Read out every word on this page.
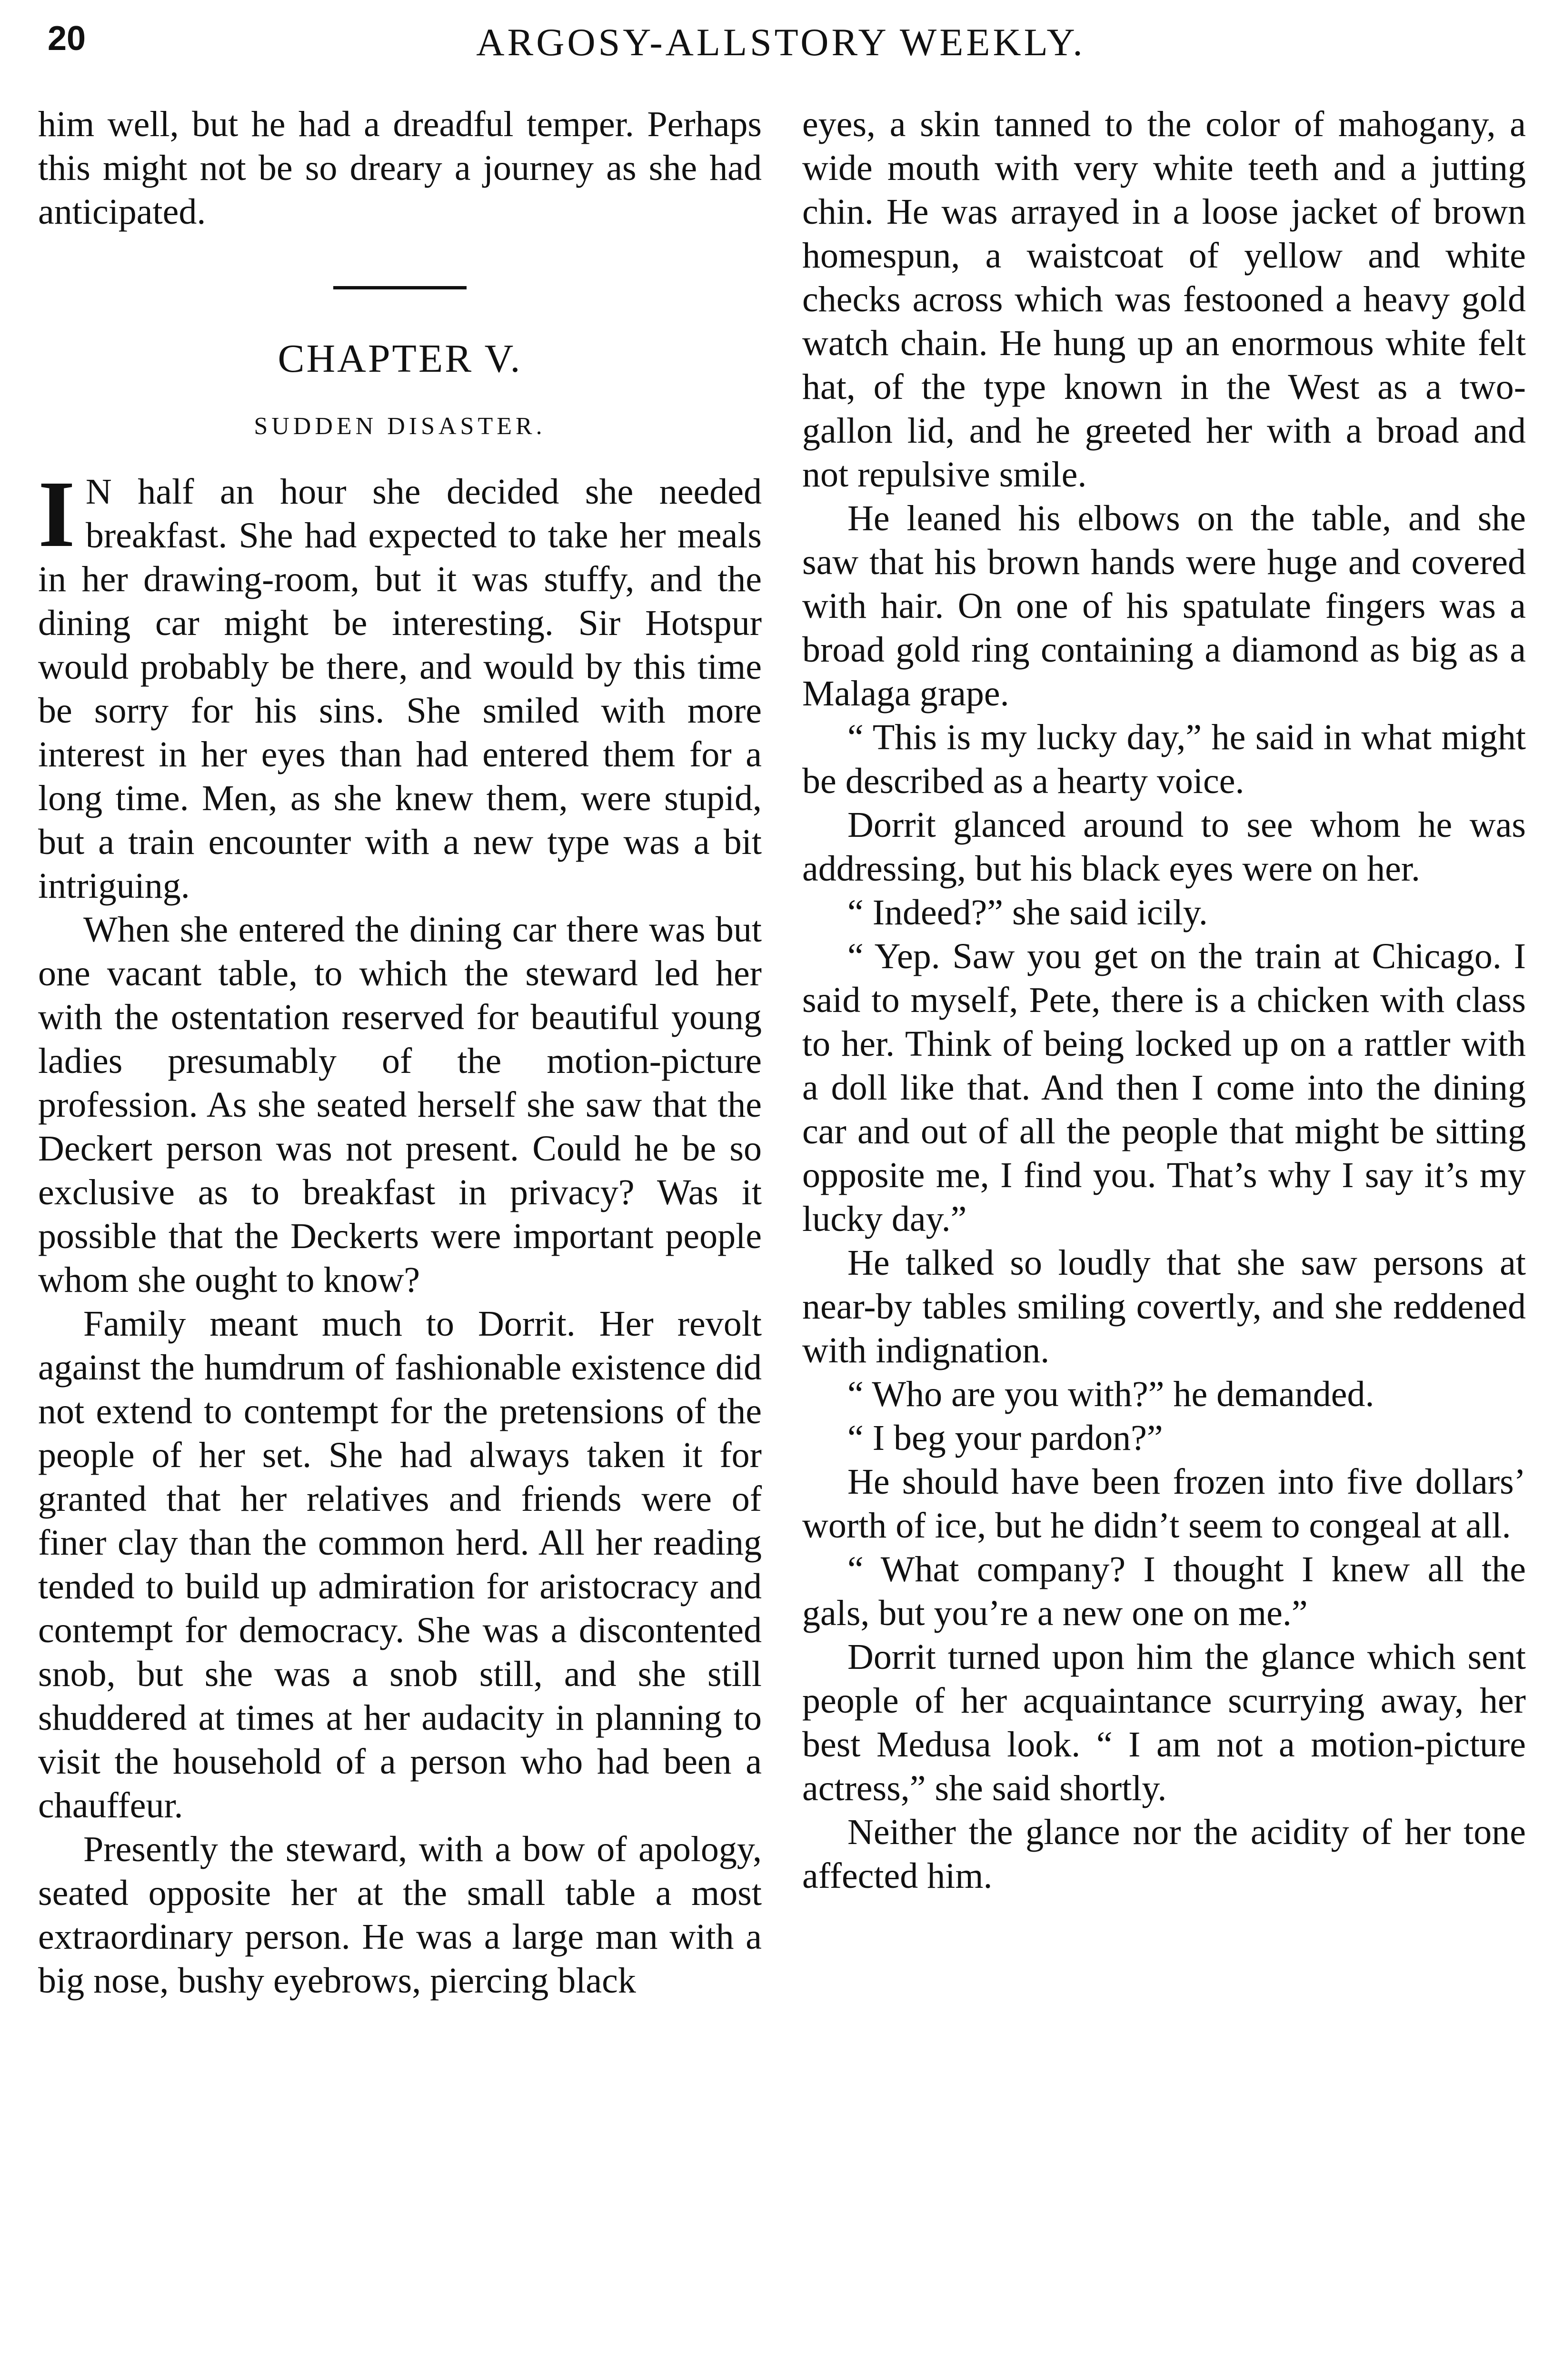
20	ARGOSY-ALLSTORY WEEKLY.

him well, but he had a dreadful temper. Perhaps this might not be so dreary a journey as she had anticipated.

CHAPTER V.
SUDDEN DISASTER.

I N half an hour she decided she needed breakfast. She had expected to take her meals in her drawing-room, but it was stuffy, and the dining car might be interesting. Sir Hotspur would probably be there, and would by this time be sorry for his sins. She smiled with more interest in her eyes than had entered them for a long time. Men, as she knew them, were stupid, but a train encounter with a new type was a bit intriguing.

When she entered the dining car there was but one vacant table, to which the steward led her with the ostentation reserved for beautiful young ladies presumably of the motion-picture profession. As she seated herself she saw that the Deckert person was not present. Could he be so exclusive as to breakfast in privacy? Was it possible that the Deckerts were important people whom she ought to know?

Family meant much to Dorrit. Her revolt against the humdrum of fashionable existence did not extend to contempt for the pretensions of the people of her set. She had always taken it for granted that her relatives and friends were of finer clay than the common herd. All her reading tended to build up admiration for aristocracy and contempt for democracy. She was a discontented snob, but she was a snob still, and she still shuddered at times at her audacity in planning to visit the household of a person who had been a chauffeur.

Presently the steward, with a bow of apology, seated opposite her at the small table a most extraordinary person. He was a large man with a big nose, bushy eyebrows, piercing black

eyes, a skin tanned to the color of mahogany, a wide mouth with very white teeth and a jutting chin. He was arrayed in a loose jacket of brown homespun, a waistcoat of yellow and white checks across which was festooned a heavy gold watch chain. He hung up an enormous white felt hat, of the type known in the West as a two-gallon lid, and he greeted her with a broad and not repulsive smile.

He leaned his elbows on the table, and she saw that his brown hands were huge and covered with hair. On one of his spatulate fingers was a broad gold ring containing a diamond as big as a Malaga grape.

“ This is my lucky day,” he said in what might be described as a hearty voice.

Dorrit glanced around to see whom he was addressing, but his black eyes were on her.

“ Indeed?” she said icily.

“ Yep. Saw you get on the train at Chicago. I said to myself, Pete, there is a chicken with class to her. Think of being locked up on a rattler with a doll like that. And then I come into the dining car and out of all the people that might be sitting opposite me, I find you. That’s why I say it’s my lucky day.”

He talked so loudly that she saw persons at near-by tables smiling covertly, and she reddened with indignation.

“ Who are you with?” he demanded.

“ I beg your pardon?”

He should have been frozen into five dollars’ worth of ice, but he didn’t seem to congeal at all.

“ What company? I thought I knew all the gals, but you’re a new one on me.”

Dorrit turned upon him the glance which sent people of her acquaintance scurrying away, her best Medusa look. “ I am not a motion-picture actress,” she said shortly.

Neither the glance nor the acidity of her tone affected him.
